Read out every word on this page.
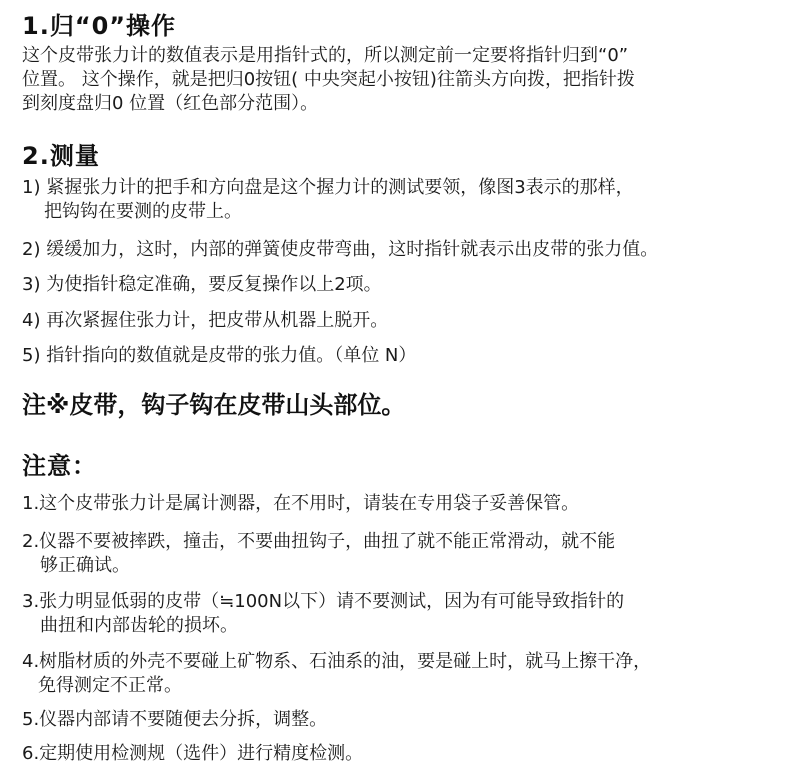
1.归“0”操作
这个皮带张力计的数值表示是用指针式的，所以测定前一定要将指针归到“0”
位置。 这个操作，就是把归0按钮( 中央突起小按钮)往箭头方向拨，把指针拨
到刻度盘归0 位置（红色部分范围）。
2.测量
1) 紧握张力计的把手和方向盘是这个握力计的测试要领，像图3表示的那样，
把钩钩在要测的皮带上。
2) 缓缓加力，这时，内部的弹簧使皮带弯曲，这时指针就表示出皮带的张力值。
3) 为使指针稳定准确，要反复操作以上2项。
4) 再次紧握住张力计，把皮带从机器上脱开。
5) 指针指向的数值就是皮带的张力值。（单位 N）
注※皮带，钩子钩在皮带山头部位。
注意：
1.这个皮带张力计是属计测器，在不用时，请装在专用袋子妥善保管。
2.仪器不要被摔跌，撞击，不要曲扭钩子，曲扭了就不能正常滑动，就不能
够正确试。
3.张力明显低弱的皮带（≒100N以下）请不要测试，因为有可能导致指针的
曲扭和内部齿轮的损坏。
4.树脂材质的外壳不要碰上矿物系、石油系的油，要是碰上时，就马上擦干净，
免得测定不正常。
5.仪器内部请不要随便去分拆，调整。
6.定期使用检测规（选件）进行精度检测。
